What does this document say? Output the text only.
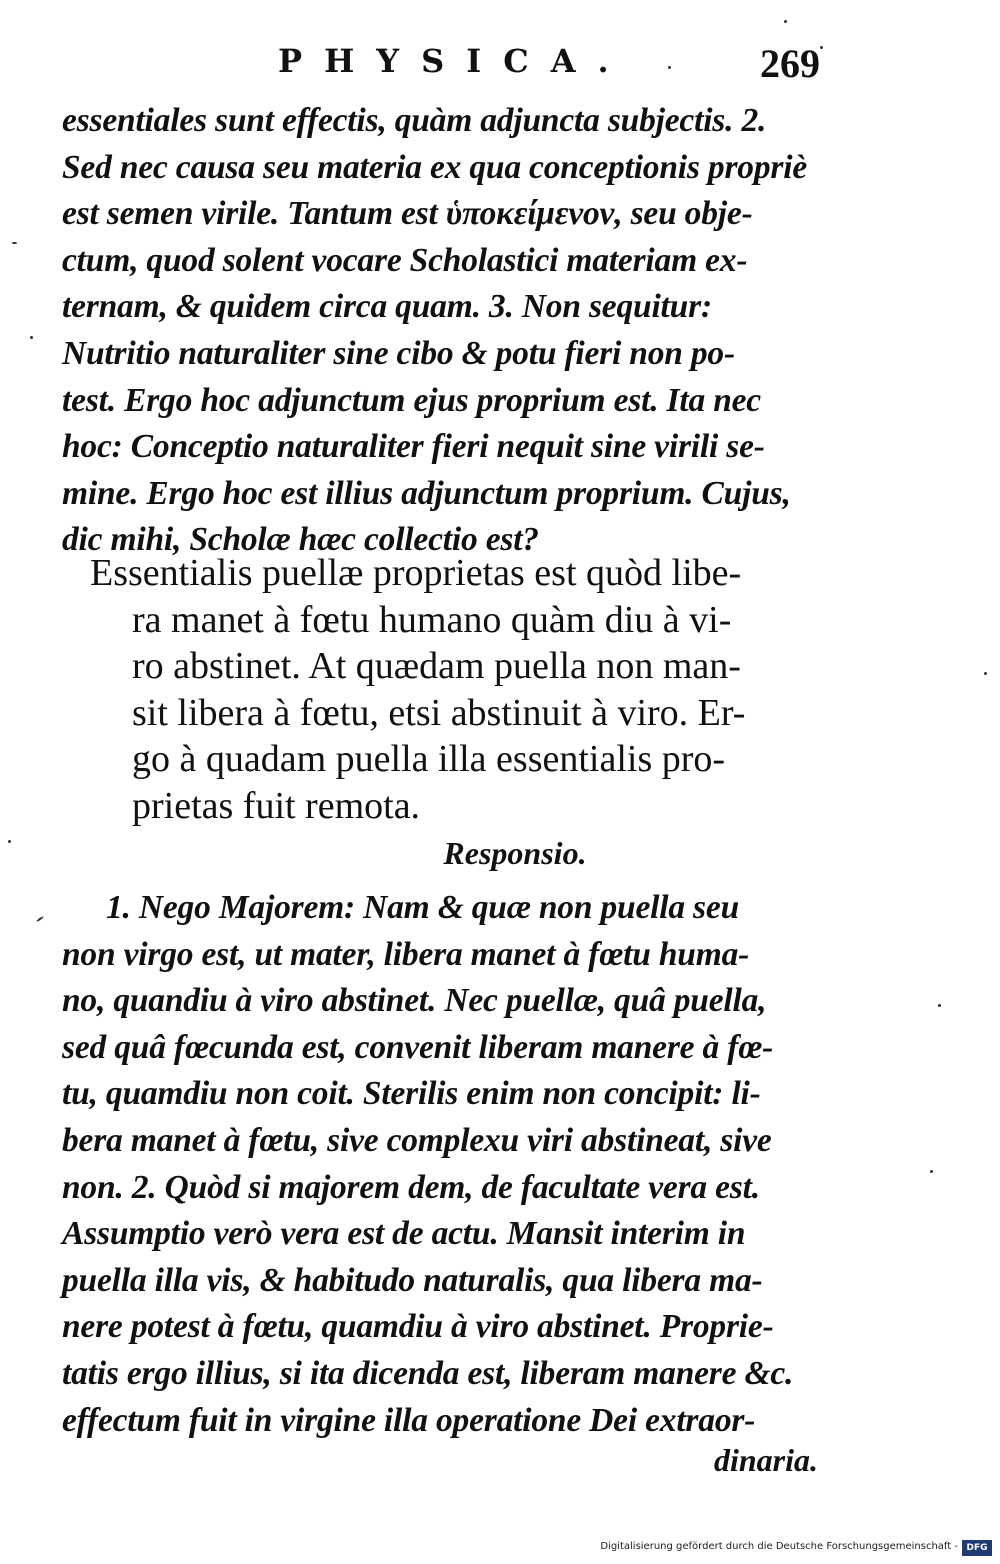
PHYSICA.	269
essentiales sunt effectis, quàm adjuncta subjectis. 2.
Sed nec causa seu materia ex qua conceptionis propriè
est semen virile. Tantum est ὑποκείμενον, seu obje-
ctum, quod solent vocare Scholastici materiam ex-
ternam, & quidem circa quam. 3. Non sequitur:
Nutritio naturaliter sine cibo & potu fieri non po-
test. Ergo hoc adjunctum ejus proprium est. Ita nec
hoc: Conceptio naturaliter fieri nequit sine virili se-
mine. Ergo hoc est illius adjunctum proprium. Cujus,
dic mihi, Scholæ hæc collectio est?
Essentialis puellæ proprietas est quòd libe-
ra manet à fœtu humano quàm diu à vi-
ro abstinet. At quædam puella non man-
sit libera à fœtu, etsi abstinuit à viro. Er-
go à quadam puella illa essentialis pro-
prietas fuit remota.
Responsio.
1. Nego Majorem: Nam & quæ non puella seu
non virgo est, ut mater, libera manet à fœtu huma-
no, quandiu à viro abstinet. Nec puellæ, quâ puella,
sed quâ fœcunda est, convenit liberam manere à fœ-
tu, quamdiu non coit. Sterilis enim non concipit: li-
bera manet à fœtu, sive complexu viri abstineat, sive
non. 2. Quòd si majorem dem, de facultate vera est.
Assumptio verò vera est de actu. Mansit interim in
puella illa vis, & habitudo naturalis, qua libera ma-
nere potest à fœtu, quamdiu à viro abstinet. Proprie-
tatis ergo illius, si ita dicenda est, liberam manere &c.
effectum fuit in virgine illa operatione Dei extraor-
dinaria.
Digitalisierung gefördert durch die Deutsche Forschungsgemeinschaft - DFG
